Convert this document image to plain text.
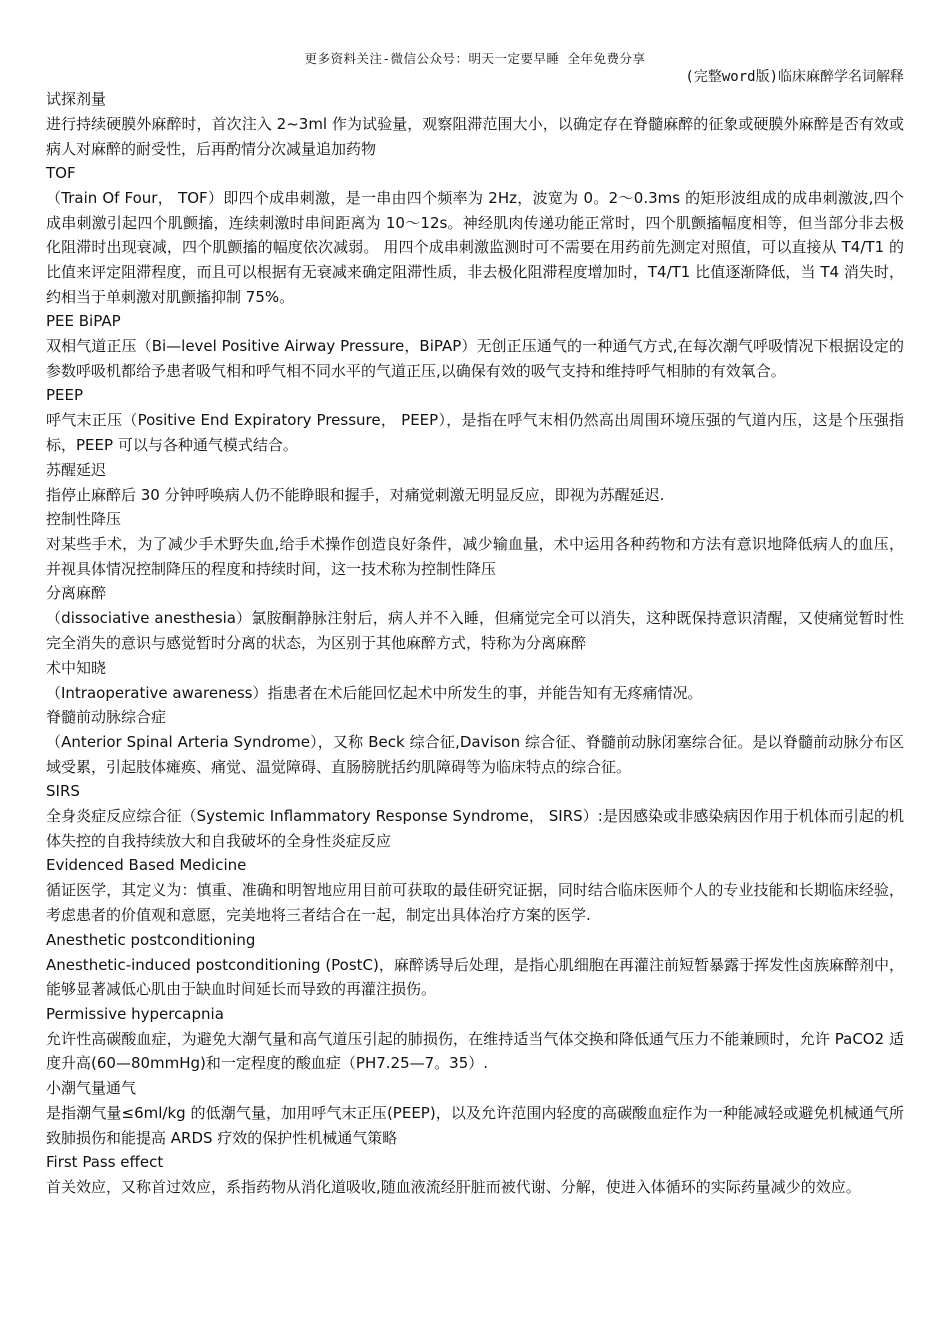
更多资料关注-微信公众号：明天一定要早睡 全年免费分享
(完整word版)临床麻醉学名词解释

试探剂量

进行持续硬膜外麻醉时，首次注入 2~3ml 作为试验量，观察阻滞范围大小，以确定存在脊髓麻醉的征象或硬膜外麻醉是否有效或病人对麻醉的耐受性，后再酌情分次减量追加药物

TOF

（Train Of Four， TOF）即四个成串刺激，是一串由四个频率为 2Hz，波宽为 0。2～0.3ms 的矩形波组成的成串刺激波,四个成串刺激引起四个肌颤搐，连续刺激时串间距离为 10～12s。神经肌肉传递功能正常时，四个肌颤搐幅度相等，但当部分非去极化阻滞时出现衰减，四个肌颤搐的幅度依次减弱。 用四个成串刺激监测时可不需要在用药前先测定对照值，可以直接从 T4/T1 的比值来评定阻滞程度，而且可以根据有无衰减来确定阻滞性质，非去极化阻滞程度增加时，T4/T1 比值逐渐降低，当 T4 消失时，约相当于单刺激对肌颤搐抑制 75%。

PEE BiPAP

双相气道正压（Bi—level Positive Airway Pressure，BiPAP）无创正压通气的一种通气方式,在每次潮气呼吸情况下根据设定的参数呼吸机都给予患者吸气相和呼气相不同水平的气道正压,以确保有效的吸气支持和维持呼气相肺的有效氧合。

PEEP

呼气末正压（Positive End Expiratory Pressure， PEEP），是指在呼气末相仍然高出周围环境压强的气道内压，这是个压强指标，PEEP 可以与各种通气模式结合。

苏醒延迟

指停止麻醉后 30 分钟呼唤病人仍不能睁眼和握手，对痛觉刺激无明显反应，即视为苏醒延迟.

控制性降压

对某些手术，为了减少手术野失血,给手术操作创造良好条件，减少输血量，术中运用各种药物和方法有意识地降低病人的血压，并视具体情况控制降压的程度和持续时间，这一技术称为控制性降压

分离麻醉

（dissociative anesthesia）氯胺酮静脉注射后，病人并不入睡，但痛觉完全可以消失，这种既保持意识清醒，又使痛觉暂时性完全消失的意识与感觉暂时分离的状态，为区别于其他麻醉方式，特称为分离麻醉

术中知晓

（Intraoperative awareness）指患者在术后能回忆起术中所发生的事，并能告知有无疼痛情况。

脊髓前动脉综合症

（Anterior Spinal Arteria Syndrome），又称 Beck 综合征,Davison 综合征、脊髓前动脉闭塞综合征。是以脊髓前动脉分布区域受累，引起肢体瘫痪、痛觉、温觉障碍、直肠膀胱括约肌障碍等为临床特点的综合征。

SIRS

全身炎症反应综合征（Systemic Inflammatory Response Syndrome， SIRS）:是因感染或非感染病因作用于机体而引起的机体失控的自我持续放大和自我破坏的全身性炎症反应

Evidenced Based Medicine

循证医学，其定义为：慎重、准确和明智地应用目前可获取的最佳研究证据，同时结合临床医师个人的专业技能和长期临床经验，考虑患者的价值观和意愿，完美地将三者结合在一起，制定出具体治疗方案的医学.

Anesthetic postconditioning

Anesthetic-induced postconditioning (PostC)，麻醉诱导后处理，是指心肌细胞在再灌注前短暂暴露于挥发性卤族麻醉剂中，能够显著减低心肌由于缺血时间延长而导致的再灌注损伤。

Permissive hypercapnia

允许性高碳酸血症，为避免大潮气量和高气道压引起的肺损伤，在维持适当气体交换和降低通气压力不能兼顾时，允许 PaCO2 适度升高(60—80mmHg)和一定程度的酸血症（PH7.25—7。35）.

小潮气量通气

是指潮气量≤6ml/kg 的低潮气量，加用呼气末正压(PEEP)，以及允许范围内轻度的高碳酸血症作为一种能减轻或避免机械通气所致肺损伤和能提高 ARDS 疗效的保护性机械通气策略

First Pass effect

首关效应，又称首过效应，系指药物从消化道吸收,随血液流经肝脏而被代谢、分解，使进入体循环的实际药量减少的效应。
